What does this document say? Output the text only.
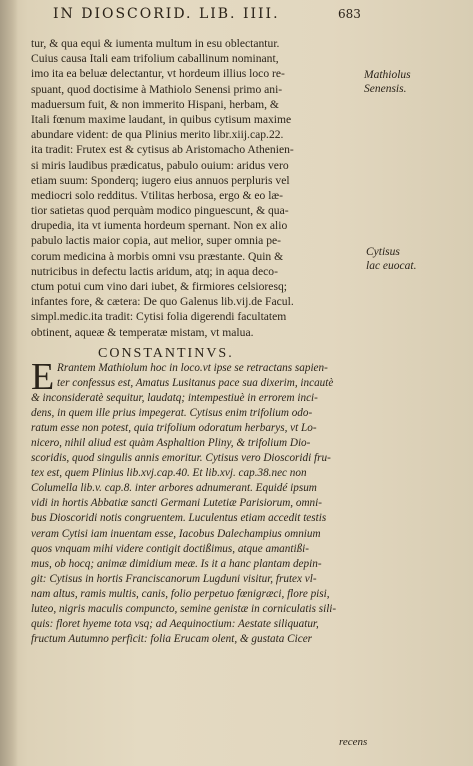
IN DIOSCORID. LIB. IIII.	683
tur, & qua equi & iumenta multum in esu oblectantur.
Cuius causa Itali eam trifolium caballinum nominant,
imo ita ea beluæ delectantur, vt hordeum illius loco re-
spuant, quod doctisime à Mathiolo Senensi primo ani-
maduersum fuit, & non immerito Hispani, herbam, &
Itali fœnum maxime laudant, in quibus cytisum maxime
abundare vident: de qua Plinius merito libr.xiij.cap.22.
ita tradit: Frutex est & cytisus ab Aristomacho Athenien-
si miris laudibus prædicatus, pabulo ouium: aridus vero
etiam suum: Sponderq; iugero eius annuos perpluris vel
mediocri solo redditus. Vtilitas herbosa, ergo & eo læ-
tior satietas quod perquàm modico pinguescunt, & qua-
drupedia, ita vt iumenta hordeum spernant. Non ex alio
pabulo lactis maior copia, aut melior, super omnia pe-
corum medicina à morbis omni vsu præstante. Quin &
nutricibus in defectu lactis aridum, atq; in aqua deco-
ctum potui cum vino dari iubet, & firmiores celsioresq;
infantes fore, & cætera: De quo Galenus lib.vij.de Facul.
simpl.medic.ita tradit: Cytisi folia digerendi facultatem
obtinent, aqueæ & temperatæ mistam, vt malua.
Mathiolus
Senensis.
Cytisus
lac euocat.
CONSTANTINVS.
E Rrantem Mathiolum hoc in loco.vt ipse se retractans sapien-
ter confessus est, Amatus Lusitanus pace sua dixerim, incautè
& inconsideratè sequitur, laudatq; intempestiuè in errorem inci-
dens, in quem ille prius impegerat. Cytisus enim trifolium odo-
ratum esse non potest, quia trifolium odoratum herbarys, vt Lo-
nicero, nihil aliud est quàm Asphaltion Pliny, & trifolium Dio-
scoridis, quod singulis annis emoritur. Cytisus vero Dioscoridi fru-
tex est, quem Plinius lib.xvj.cap.40. Et lib.xvj. cap.38.nec non
Columella lib.v. cap.8. inter arbores adnumerant. Equidé ipsum
vidi in hortis Abbatiæ sancti Germani Lutetiæ Parisiorum, omni-
bus Dioscoridi notis congruentem. Luculentus etiam accedit testis
veram Cytisi iam inuentam esse, Iacobus Dalechampius omnium
quos vnquam mihi videre contigit doctißimus, atque amantißi-
mus, ob hocq; animæ dimidium meæ. Is it a hanc plantam depin-
git: Cytisus in hortis Franciscanorum Lugduni visitur, frutex vl-
nam altus, ramis multis, canis, folio perpetuo fœnigræci, flore pisi,
luteo, nigris maculis compuncto, semine genistæ in corniculatis sili-
quis: floret hyeme tota vsq; ad Aequinoctium: Aestate siliquatur,
fructum Autumno perficit: folia Erucam olent, & gustata Cicer
recens
